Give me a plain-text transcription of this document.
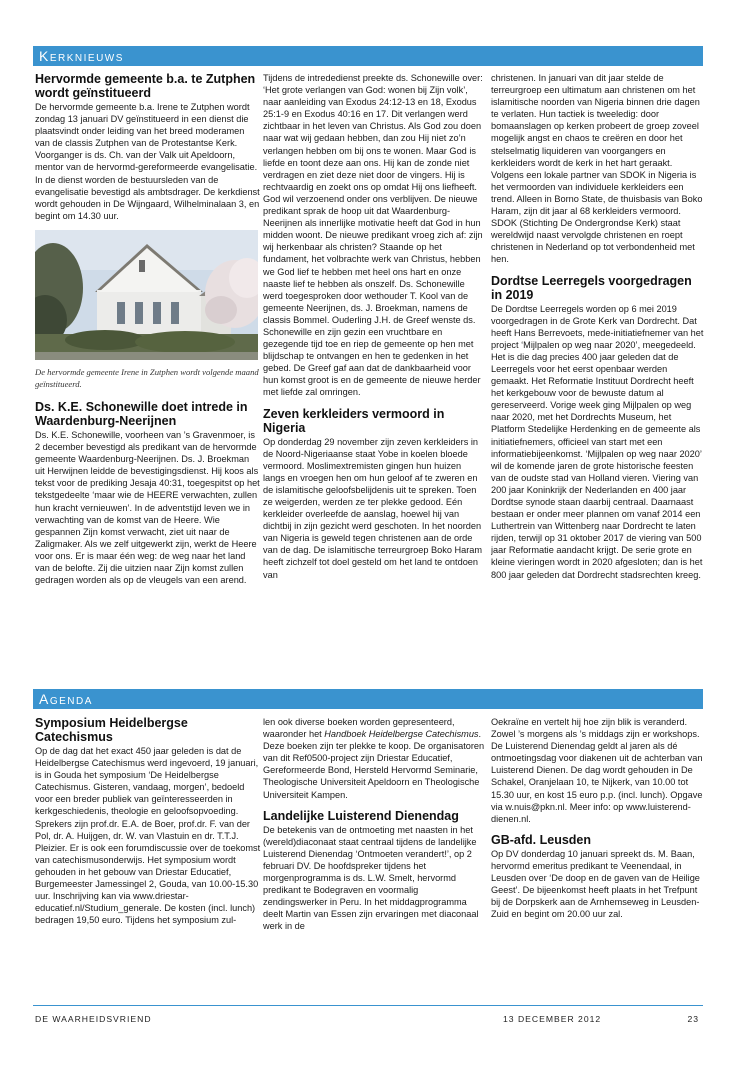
Kerknieuws
Hervormde gemeente b.a. te Zutphen wordt geïnstitueerd

De hervormde gemeente b.a. Irene te Zutphen wordt zondag 13 januari DV geïnstitueerd in een dienst die plaatsvindt onder leiding van het breed moderamen van de classis Zutphen van de Protestantse Kerk. Voorganger is ds. Ch. van der Valk uit Apeldoorn, mentor van de hervormd-gereformeerde evangelisatie. In de dienst worden de bestuursleden van de evangelisatie bevestigd als ambtsdrager. De kerkdienst wordt gehouden in De Wijngaard, Wilhelminalaan 3, en begint om 14.30 uur.

De hervormde gemeente Irene in Zutphen wordt volgende maand geïnstitueerd.
Ds. K.E. Schonewille doet intrede in Waardenburg-Neerijnen

Ds. K.E. Schonewille, voorheen van ’s Gravenmoer, is 2 december bevestigd als predikant van de hervormde gemeente Waardenburg-Neerijnen. Ds. J. Broekman uit Herwijnen leidde de bevestigingsdienst. Hij koos als tekst voor de prediking Jesaja 40:31, toegespitst op het tekstgedeelte ‘maar wie de HEERE verwachten, zullen hun kracht vernieuwen’. In de adventstijd leven we in verwachting van de komst van de Heere. Wie gespannen Zijn komst verwacht, ziet uit naar de Zaligmaker. Als we zelf uitgewerkt zijn, werkt de Heere voor ons. Er is maar één weg: de weg naar het land van de beloftе. Zij die uitzien naar Zijn komst zullen gedragen worden als op de vleugels van een arend.

Tijdens de intrededienst preekte ds. Schonewille over: ‘Het grote verlangen van God: wonen bij Zijn volk’, naar aanleiding van Exodus 24:12-13 en 18, Exodus 25:1-9 en Exodus 40:16 en 17. Dit verlangen werd zichtbaar in het leven van Christus. Als God zou doen naar wat wij gedaan hebben, dan zou Hij niet zo’n verlangen hebben om bij ons te wonen. Maar God is liefde en toont deze aan ons. Hij kan de zonde niet verdragen en ziet deze niet door de vingers. Hij is rechtvaardig en zoekt ons op omdat Hij ons liefheeft. God wil verzoenend onder ons verblijven. De nieuwe predikant sprak de hoop uit dat Waardenburg-Neerijnen als innerlijke motivatie heeft dat God in hun midden woont. De nieuwe predikant vroeg zich af: zijn wij herkenbaar als christen? Staande op het fundament, het volbrachte werk van Christus, hebben we God lief te hebben met heel ons hart en onze naaste lief te hebben als onszelf. Ds. Schonewille werd toegesproken door wethouder T. Kool van de gemeente Neerijnen, ds. J. Broekman, namens de classis Bommel. Ouderling J.H. de Greef wenste ds. Schonewille en zijn gezin een vruchtbare en gezegende tijd toe en riep de gemeente op hen met blijdschap te ontvangen en hen te gedenken in het gebed. De Greef gaf aan dat de dankbaarheid voor hun komst groot is en de gemeente de nieuwe herder met liefde zal omringen.

Zeven kerkleiders vermoord in Nigeria

Op donderdag 29 november zijn zeven kerkleiders in de Noord-Nigeriaanse staat Yobe in koelen bloede vermoord. Moslimextremisten gingen hun huizen langs en vroegen hen om hun geloof af te zweren en de islamitische geloofsbelijdenis uit te spreken. Toen ze weigerden, werden ze ter plekke gedood. Eén kerkleider overleefde de aanslag, hoewel hij van dichtbij in zijn gezicht werd geschoten. In het noorden van Nigeria is geweld tegen christenen aan de orde van de dag. De islamitische terreurgroep Boko Haram heeft zichzelf tot doel gesteld om het land te ontdoen van

christenen. In januari van dit jaar stelde de terreurgroep een ultimatum aan christenen om het islamitische noorden van Nigeria binnen drie dagen te verlaten. Hun tactiek is tweeledig: door bomaanslagen op kerken probeert de groep zoveel mogelijk angst en chaos te creëren en door het stelselmatig liquideren van voorgangers en kerkleiders wordt de kerk in het hart geraakt. Volgens een lokale partner van SDOK in Nigeria is het vermoorden van individuele kerkleiders een trend. Alleen in Borno State, de thuisbasis van Boko Haram, zijn dit jaar al 68 kerkleiders vermoord. SDOK (Stichting De Ondergrondse Kerk) staat wereldwijd naast vervolgde christenen en roept christenen in Nederland op tot verbondenheid met hen.

Dordtse Leerregels voorgedragen in 2019

De Dordtse Leerregels worden op 6 mei 2019 voorgedragen in de Grote Kerk van Dordrecht. Dat heeft Hans Berrevoets, mede-initiatiefnemer van het project ‘Mijlpalen op weg naar 2020’, meegedeeld. Het is die dag precies 400 jaar geleden dat de Leerregels voor het eerst openbaar werden gemaakt. Het Reformatie Instituut Dordrecht heeft het kerkgebouw voor de bewuste datum al gereserveerd. Vorige week ging Mijlpalen op weg naar 2020, met het Dordrechts Museum, het Platform Stedelijke Herdenking en de gemeente als initiatiefnemers, officieel van start met een informatiebijeenkomst. ‘Mijlpalen op weg naar 2020’ wil de komende jaren de grote historische feesten van de oudste stad van Holland vieren. Viering van 200 jaar Koninkrijk der Nederlanden en 400 jaar Dordtse synode staan daarbij centraal. Daarnaast bestaan er onder meer plannen om vanaf 2014 een Luthertrein van Wittenberg naar Dordrecht te laten rijden, terwijl op 31 oktober 2017 de viering van 500 jaar Reformatie aandacht krijgt. De serie grote en kleine vieringen wordt in 2020 afgesloten; dan is het 800 jaar geleden dat Dordrecht stadsrechten kreeg.

Agenda
Symposium Heidelbergse Catechismus

Op de dag dat het exact 450 jaar geleden is dat de Heidelbergse Catechismus werd ingevoerd, 19 januari, is in Gouda het symposium ‘De Heidelbergse Catechismus. Gisteren, vandaag, morgen’, bedoeld voor een breder publiek van geïnteresseerden in kerkgeschiedenis, theologie en geloofsopvoeding. Sprekers zijn prof.dr. E.A. de Boer, prof.dr. F. van der Pol, dr. A. Huijgen, dr. W. van Vlastuin en dr. T.T.J. Pleizier. Er is ook een forumdiscussie over de toekomst van catechismusonderwijs. Het symposium wordt gehouden in het gebouw van Driestar Educatief, Burgemeester Jamessingel 2, Gouda, van 10.00-15.30 uur. Inschrijving kan via www.driestar-educatief.nl/Studium_generale. De kosten (incl. lunch) bedragen 19,50 euro. Tijdens het symposium zul-

len ook diverse boeken worden gepresenteerd, waaronder het Handboek Heidelbergse Catechismus. Deze boeken zijn ter plekke te koop. De organisatoren van dit Ref0500-project zijn Driestar Educatief, Gereformeerde Bond, Hersteld Hervormd Seminarie, Theologische Universiteit Apeldoorn en Theologische Universiteit Kampen.

Landelijke Luisterend Dienendag

De betekenis van de ontmoeting met naasten in het (wereld)diaconaat staat centraal tijdens de landelijke Luisterend Dienendag ‘Ontmoeten verandert!’, op 2 februari DV. De hoofdspreker tijdens het morgenprogramma is ds. L.W. Smelt, hervormd predikant te Bodegraven en voormalig zendingswerker in Peru. In het middagprogramma deelt Martin van Essen zijn ervaringen met diaconaal werk in de

Oekraïne en vertelt hij hoe zijn blik is veranderd. Zowel ’s morgens als ’s middags zijn er workshops. De Luisterend Dienendag geldt al jaren als dé ontmoetingsdag voor diakenen uit de achterban van Luisterend Dienen. De dag wordt gehouden in De Schakel, Oranjelaan 10, te Nijkerk, van 10.00 tot 15.30 uur, en kost 15 euro p.p. (incl. lunch). Opgave via w.nuis@pkn.nl. Meer info: op www.luisterend-dienen.nl.

GB-afd. Leusden

Op DV donderdag 10 januari spreekt ds. M. Baan, hervormd emeritus predikant te Veenendaal, in Leusden over ‘De doop en de gaven van de Heilige Geest’. De bijeenkomst heeft plaats in het Trefpunt bij de Dorpskerk aan de Arnhemseweg in Leusden-Zuid en begint om 20.00 uur zal.

DE WAARHEIDSVRIEND	13 DECEMBER 2012	23
